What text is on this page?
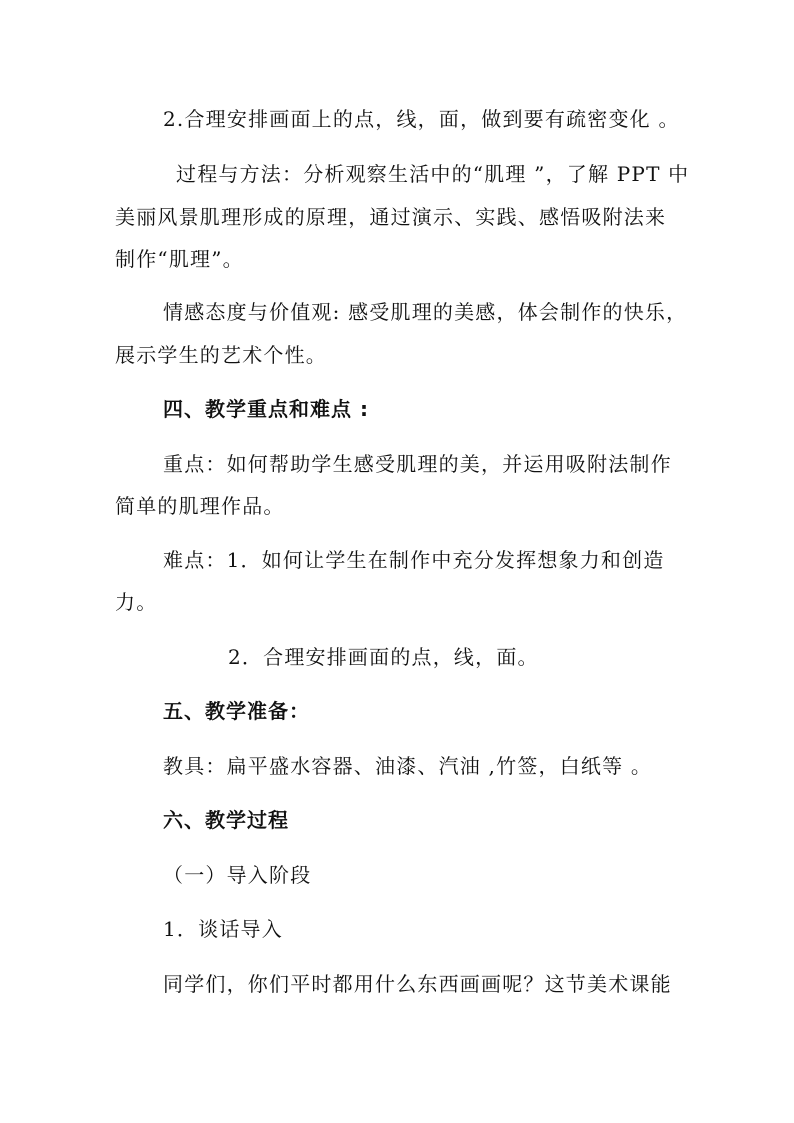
2.合理安排画面上的点，线，面，做到要有疏密变化 。
过程与方法：分析观察生活中的“肌理 ”，了解 PPT 中
美丽风景肌理形成的原理，通过演示、实践、感悟吸附法来
制作“肌理”。
情感态度与价值观: 感受肌理的美感，体会制作的快乐，
展示学生的艺术个性。
四、教学重点和难点 :
重点：如何帮助学生感受肌理的美，并运用吸附法制作
简单的肌理作品。
难点：1．如何让学生在制作中充分发挥想象力和创造
力。
2．合理安排画面的点，线，面。
五、教学准备：
教具：扁平盛水容器、油漆、汽油 ,竹签，白纸等 。
六、教学过程
（一）导入阶段
1．谈话导入
同学们，你们平时都用什么东西画画呢？这节美术课能
